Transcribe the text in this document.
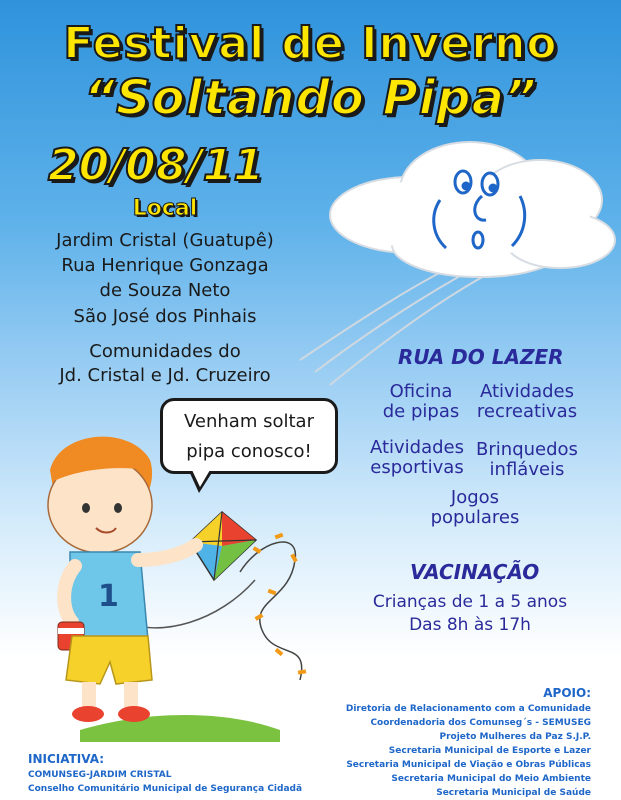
Festival de Inverno
“Soltando Pipa”
20/08/11
Local
Jardim Cristal (Guatupê)
Rua Henrique Gonzaga
de Souza Neto
São José dos Pinhais
Comunidades do
Jd. Cristal e Jd. Cruzeiro
1
Venham soltar
pipa conosco!
RUA DO LAZER
Oficina
de pipas
Atividades
recreativas
Atividades
esportivas
Brinquedos
infláveis
Jogos
populares
VACINAÇÃO
Crianças de 1 a 5 anos
Das 8h às 17h
APOIO:
Diretoria de Relacionamento com a Comunidade
Coordenadoria dos Comunseg´s - SEMUSEG
Projeto Mulheres da Paz S.J.P.
Secretaria Municipal de Esporte e Lazer
Secretaria Municipal de Viação e Obras Públicas
Secretaria Municipal do Meio Ambiente
Secretaria Municipal de Saúde
INICIATIVA:
COMUNSEG-JARDIM CRISTAL
Conselho Comunitário Municipal de Segurança Cidadã
